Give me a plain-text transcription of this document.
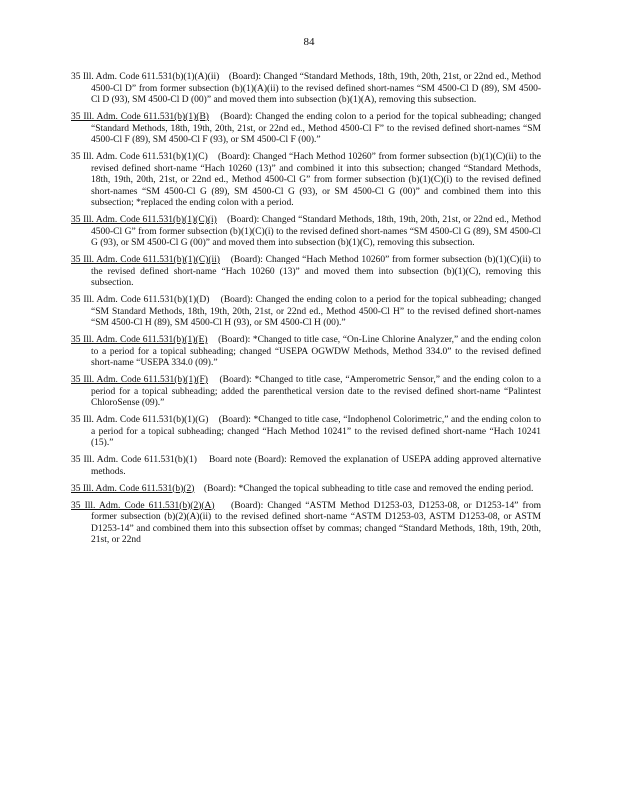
84

35 Ill. Adm. Code 611.531(b)(1)(A)(ii) (Board): Changed “Standard Methods, 18th, 19th, 20th, 21st, or 22nd ed., Method 4500-Cl D” from former subsection (b)(1)(A)(ii) to the revised defined short-names “SM 4500-Cl D (89), SM 4500-Cl D (93), SM 4500-Cl D (00)” and moved them into subsection (b)(1)(A), removing this subsection.

35 Ill. Adm. Code 611.531(b)(1)(B) (Board): Changed the ending colon to a period for the topical subheading; changed “Standard Methods, 18th, 19th, 20th, 21st, or 22nd ed., Method 4500-Cl F” to the revised defined short-names “SM 4500-Cl F (89), SM 4500-Cl F (93), or SM 4500-Cl F (00).”

35 Ill. Adm. Code 611.531(b)(1)(C) (Board): Changed “Hach Method 10260” from former subsection (b)(1)(C)(ii) to the revised defined short-name “Hach 10260 (13)” and combined it into this subsection; changed “Standard Methods, 18th, 19th, 20th, 21st, or 22nd ed., Method 4500-Cl G” from former subsection (b)(1)(C)(i) to the revised defined short-names “SM 4500-Cl G (89), SM 4500-Cl G (93), or SM 4500-Cl G (00)” and combined them into this subsection; *replaced the ending colon with a period.

35 Ill. Adm. Code 611.531(b)(1)(C)(i) (Board): Changed “Standard Methods, 18th, 19th, 20th, 21st, or 22nd ed., Method 4500-Cl G” from former subsection (b)(1)(C)(i) to the revised defined short-names “SM 4500-Cl G (89), SM 4500-Cl G (93), or SM 4500-Cl G (00)” and moved them into subsection (b)(1)(C), removing this subsection.

35 Ill. Adm. Code 611.531(b)(1)(C)(ii) (Board): Changed “Hach Method 10260” from former subsection (b)(1)(C)(ii) to the revised defined short-name “Hach 10260 (13)” and moved them into subsection (b)(1)(C), removing this subsection.

35 Ill. Adm. Code 611.531(b)(1)(D) (Board): Changed the ending colon to a period for the topical subheading; changed “SM Standard Methods, 18th, 19th, 20th, 21st, or 22nd ed., Method 4500-Cl H” to the revised defined short-names “SM 4500-Cl H (89), SM 4500-Cl H (93), or SM 4500-Cl H (00).”

35 Ill. Adm. Code 611.531(b)(1)(E) (Board): *Changed to title case, “On-Line Chlorine Analyzer,” and the ending colon to a period for a topical subheading; changed “USEPA OGWDW Methods, Method 334.0” to the revised defined short-name “USEPA 334.0 (09).”

35 Ill. Adm. Code 611.531(b)(1)(F) (Board): *Changed to title case, “Amperometric Sensor,” and the ending colon to a period for a topical subheading; added the parenthetical version date to the revised defined short-name “Palintest ChloroSense (09).”

35 Ill. Adm. Code 611.531(b)(1)(G) (Board): *Changed to title case, “Indophenol Colorimetric,” and the ending colon to a period for a topical subheading; changed “Hach Method 10241” to the revised defined short-name “Hach 10241 (15).”

35 Ill. Adm. Code 611.531(b)(1) Board note (Board): Removed the explanation of USEPA adding approved alternative methods.

35 Ill. Adm. Code 611.531(b)(2) (Board): *Changed the topical subheading to title case and removed the ending period.

35 Ill. Adm. Code 611.531(b)(2)(A) (Board): Changed “ASTM Method D1253-03, D1253-08, or D1253-14” from former subsection (b)(2)(A)(ii) to the revised defined short-name “ASTM D1253-03, ASTM D1253-08, or ASTM D1253-14” and combined them into this subsection offset by commas; changed “Standard Methods, 18th, 19th, 20th, 21st, or 22nd
